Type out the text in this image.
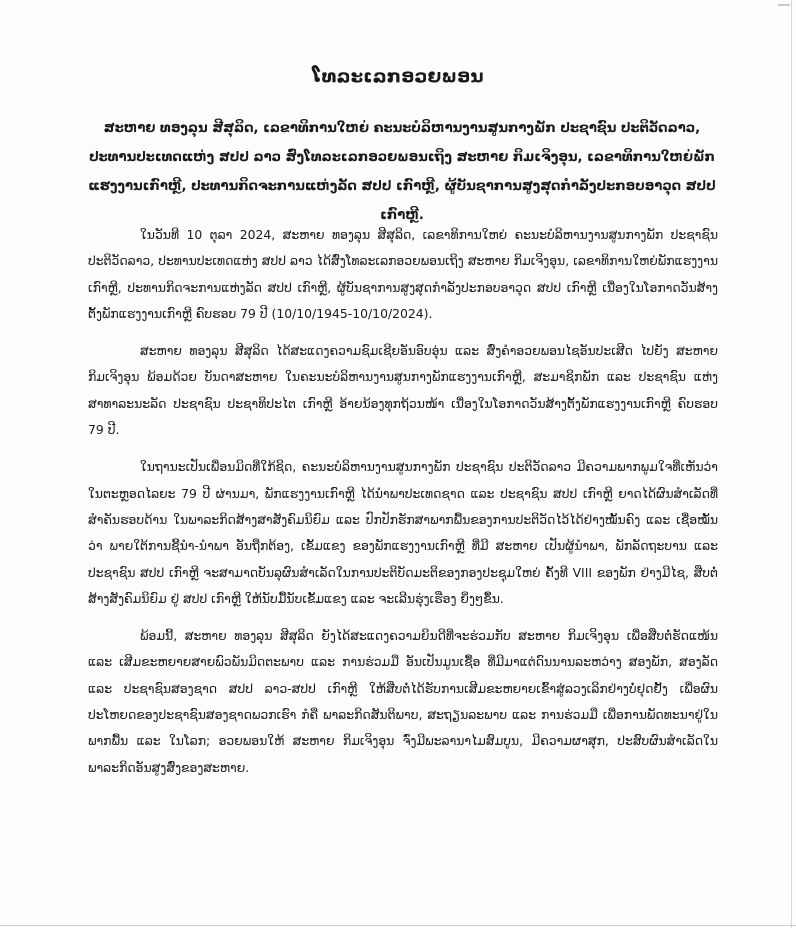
ໂທລະເລກອວຍພອນ
ສະຫາຍ ທອງລຸນ ສີສຸລິດ, ເລຂາທິການໃຫຍ່ ຄະນະບໍລິຫານງານສູນກາງພັກ ປະຊາຊົນ ປະຕິວັດລາວ, ປະທານປະເທດແຫ່ງ ສປປ ລາວ ສົ່ງໂທລະເລກອວຍພອນເຖິງ ສະຫາຍ ກິມເຈິງອຸນ, ເລຂາທິການໃຫຍ່ພັກແຮງງານເກົາຫຼີ, ປະທານກິດຈະການແຫ່ງລັດ ສປປ ເກົາຫຼີ, ຜູ້ບັນຊາການສູງສຸດກຳລັງປະກອບອາວຸດ ສປປ ເກົາຫຼີ.

ໃນວັນທີ 10 ຕຸລາ 2024, ສະຫາຍ ທອງລຸນ ສີສຸລິດ, ເລຂາທິການໃຫຍ່ ຄະນະບໍລິຫານງານສູນກາງພັກ ປະຊາຊົນ ປະຕິວັດລາວ, ປະທານປະເທດແຫ່ງ ສປປ ລາວ ໄດ້ສົ່ງໂທລະເລກອວຍພອນເຖິງ ສະຫາຍ ກິມເຈິງອຸນ, ເລຂາທິການໃຫຍ່ພັກແຮງງານເກົາຫຼີ, ປະທານກິດຈະການແຫ່ງລັດ ສປປ ເກົາຫຼີ, ຜູ້ບັນຊາການສູງສຸດກຳລັງປະກອບອາວຸດ ສປປ ເກົາຫຼີ ເນື່ອງໃນໂອກາດວັນສ້າງຕັ້ງພັກແຮງງານເກົາຫຼີ ຄົບຮອບ 79 ປີ (10/10/1945-10/10/2024).

ສະຫາຍ ທອງລຸນ ສີສຸລິດ ໄດ້ສະແດງຄວາມຊົມເຊີຍອັນອົບອຸ່ນ ແລະ ສົ່ງຄຳອວຍພອນໄຊອັນປະເສີດ ໄປຍັງ ສະຫາຍ ກິມເຈິງອຸນ ພ້ອມດ້ວຍ ບັນດາສະຫາຍ ໃນຄະນະບໍລິຫານງານສູນກາງພັກແຮງງານເກົາຫຼີ, ສະມາຊິກພັກ ແລະ ປະຊາຊົນ ແຫ່ງ ສາທາລະນະລັດ ປະຊາຊົນ ປະຊາທິປະໄຕ ເກົາຫຼີ ອ້າຍນ້ອງທຸກຖ້ວນໜ້າ ເນື່ອງໃນໂອກາດວັນສ້າງຕັ້ງພັກແຮງງານເກົາຫຼີ ຄົບຮອບ 79 ປີ.

ໃນຖານະເປັນເພື່ອນມິດທີ່ໃກ້ຊິດ, ຄະນະບໍລິຫານງານສູນກາງພັກ ປະຊາຊົນ ປະຕິວັດລາວ ມີຄວາມພາກພູມໃຈທີ່ເຫັນວ່າ ໃນຕະຫຼອດໄລຍະ 79 ປີ ຜ່ານມາ, ພັກແຮງງານເກົາຫຼີ ໄດ້ນຳພາປະເທດຊາດ ແລະ ປະຊາຊົນ ສປປ ເກົາຫຼີ ຍາດໄດ້ຜົນສຳເລັດທີ່ສຳຄັນຮອບດ້ານ ໃນພາລະກິດສ້າງສາສັງຄົມນິຍົມ ແລະ ປົກປັກຮັກສາພາກພື້ນຂອງການປະຕິວັດໄວ້ໄດ້ຢ່າງໝັ້ນຄົງ ແລະ ເຊື່ອໝັ້ນວ່າ ພາຍໃຕ້ການຊີ້ນຳ-ນຳພາ ອັນຖືກຕ້ອງ, ເຂັ້ມແຂງ ຂອງພັກແຮງງານເກົາຫຼີ ທີ່ມີ ສະຫາຍ ເປັນຜູ້ນຳພາ, ພັກລັດຖະບານ ແລະ ປະຊາຊົນ ສປປ ເກົາຫຼີ ຈະສາມາດບັນລຸຜົນສຳເລັດໃນການປະຕິບັດມະຕິຂອງກອງປະຊຸມໃຫຍ່ ຄັ້ງທີ VIII ຂອງພັກ ຢ່າງມີໄຊ, ສືບຕໍ່ສ້າງສັງຄົມນິຍົມ ຢູ່ ສປປ ເກົາຫຼີ ໃຫ້ນັບມື້ນັບເຂັ້ມແຂງ ແລະ ຈະເລີນຮຸ່ງເຮືອງ ຍິ່ງໆຂຶ້ນ.

ພ້ອມນີ້, ສະຫາຍ ທອງລຸນ ສີສຸລິດ ຍັງໄດ້ສະແດງຄວາມຍິນດີທີ່ຈະຮ່ວມກັບ ສະຫາຍ ກິມເຈິງອຸນ ເພື່ອສືບຕໍ່ຮັດແໜ້ນ ແລະ ເສີມຂະຫຍາຍສາຍພົວພັນມິດຕະພາບ ແລະ ການຮ່ວມມື ອັນເປັນມູນເຊື້ອ ທີ່ມີມາແຕ່ດົນນານລະຫວ່າງ ສອງພັກ, ສອງລັດ ແລະ ປະຊາຊົນສອງຊາດ ສປປ ລາວ-ສປປ ເກົາຫຼີ ໃຫ້ສືບຕໍ່ໄດ້ຮັບການເສີມຂະຫຍາຍເຂົ້າສູ່ລວງເລິກຢ່າງບໍ່ຢຸດຢັ້ງ ເພື່ອຜົນປະໂຫຍດຂອງປະຊາຊົນສອງຊາດພວກເຮົາ ກໍຄື ພາລະກິດສັນຕິພາບ, ສະຖຽນລະພາບ ແລະ ການຮ່ວມມື ເພື່ອການພັດທະນາຢູ່ໃນພາກພື້ນ ແລະ ໃນໂລກ; ອວຍພອນໃຫ້ ສະຫາຍ ກິມເຈິງອຸນ ຈົ່ງມີພະລານາໄມສົມບູນ, ມີຄວາມຜາສຸກ, ປະສົບຜົນສຳເລັດໃນພາລະກິດອັນສູງສົ່ງຂອງສະຫາຍ.
